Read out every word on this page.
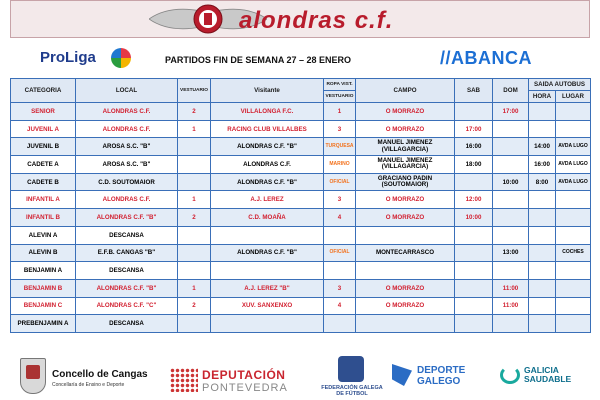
alondras c.f.
ProLiga	PARTIDOS FIN DE SEMANA 27 – 28 ENERO	//ABANCA
CATEGORIA	LOCAL	VESTUARIO	Visitante	ROPA VIST.	CAMPO	SAB	DOM	SAIDA AUTOBUS	
				VESTUARIO				HORA	LUGAR
SENIOR	ALONDRAS C.F.	2	VILLALONGA F.C.	1	O MORRAZO		17:00		
JUVENIL A	ALONDRAS C.F.	1	RACING CLUB VILLALBES	3	O MORRAZO	17:00			
JUVENIL B	AROSA S.C. "B"		ALONDRAS C.F. "B"	TURQUESA	MANUEL JIMENEZ (VILLAGARCIA)	16:00		14:00	AVDA LUGO
CADETE A	AROSA S.C. "B"		ALONDRAS C.F.	MARINO	MANUEL JIMENEZ (VILLAGARCIA)	18:00		16:00	AVDA LUGO
CADETE B	C.D. SOUTOMAIOR		ALONDRAS C.F. "B"	OFICIAL	GRACIANO PADIN (SOUTOMAIOR)		10:00	8:00	AVDA LUGO
INFANTIL A	ALONDRAS C.F.	1	A.J. LEREZ	3	O MORRAZO	12:00			
INFANTIL B	ALONDRAS C.F. "B"	2	C.D. MOAÑA	4	O MORRAZO	10:00			
ALEVIN A	DESCANSA								
ALEVIN B	E.F.B. CANGAS "B"		ALONDRAS C.F. "B"	OFICIAL	MONTECARRASCO		13:00		COCHES
BENJAMIN A	DESCANSA								
BENJAMIN B	ALONDRAS C.F. "B"	1	A.J. LEREZ "B"	3	O MORRAZO		11:00		
BENJAMIN C	ALONDRAS C.F. "C"	2	XUV. SANXENXO	4	O MORRAZO		11:00		
PREBENJAMIN A	DESCANSA								
Concello de Cangas
Concellaría de Ensino e Deporte
DEPUTACIÓN
PONTEVEDRA	FEDERACIÓN GALEGA
DE FÚTBOL
DEPORTE
GALEGO
GALICIA
SAUDABLE
